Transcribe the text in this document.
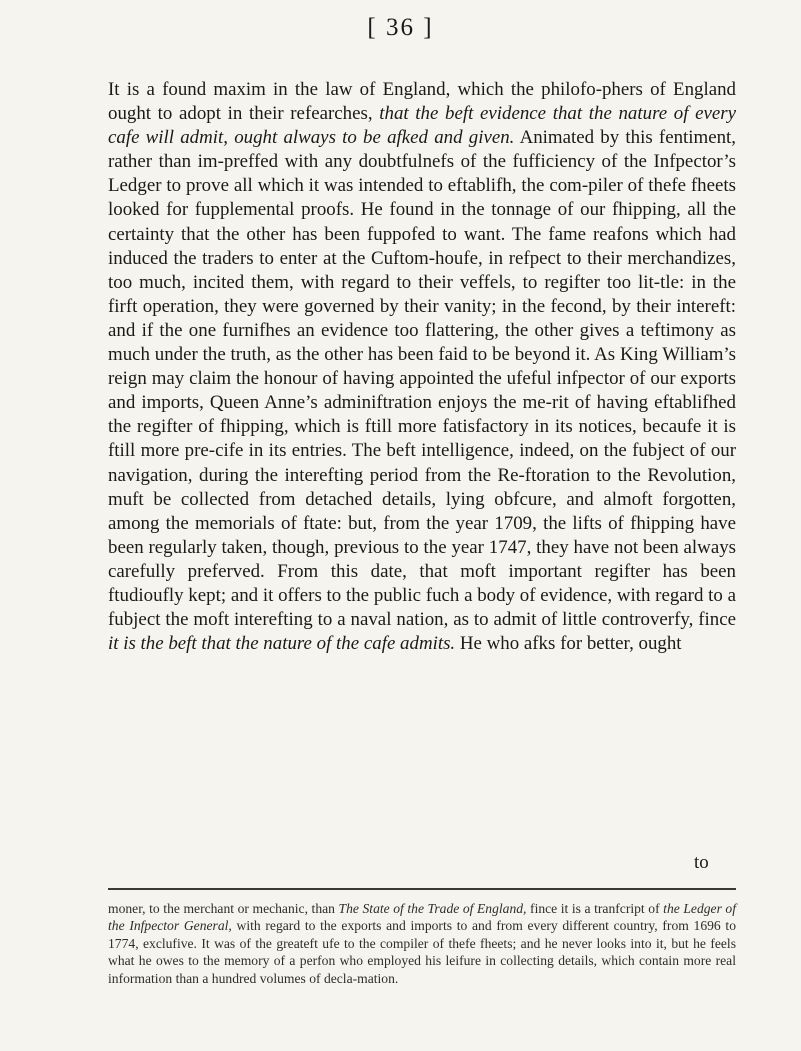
[ 36 ]

It is a found maxim in the law of England, which the philofo-phers of England ought to adopt in their refearches, that the beft evidence that the nature of every cafe will admit, ought always to be afked and given. Animated by this fentiment, rather than im-preffed with any doubtfulnefs of the fufficiency of the Infpector’s Ledger to prove all which it was intended to eftablifh, the com-piler of thefe fheets looked for fupplemental proofs. He found in the tonnage of our fhipping, all the certainty that the other has been fuppofed to want. The fame reafons which had induced the traders to enter at the Cuftom-houfe, in refpect to their merchandizes, too much, incited them, with regard to their veffels, to regifter too lit-tle: in the firft operation, they were governed by their vanity; in the fecond, by their intereft: and if the one furnifhes an evidence too flattering, the other gives a teftimony as much under the truth, as the other has been faid to be beyond it. As King William’s reign may claim the honour of having appointed the ufeful infpector of our exports and imports, Queen Anne’s adminiftration enjoys the me-rit of having eftablifhed the regifter of fhipping, which is ftill more fatisfactory in its notices, becaufe it is ftill more pre-cife in its entries. The beft intelligence, indeed, on the fubject of our navigation, during the interefting period from the Re-ftoration to the Revolution, muft be collected from detached details, lying obfcure, and almoft forgotten, among the memorials of ftate: but, from the year 1709, the lifts of fhipping have been regularly taken, though, previous to the year 1747, they have not been always carefully preferved. From this date, that moft important regifter has been ftudioufly kept; and it offers to the public fuch a body of evidence, with regard to a fubject the moft interefting to a naval nation, as to admit of little controverfy, fince it is the beft that the nature of the cafe admits. He who afks for better, ought

to

moner, to the merchant or mechanic, than The State of the Trade of England, fince it is a tranfcript of the Ledger of the Infpector General, with regard to the exports and imports to and from every different country, from 1696 to 1774, exclufive. It was of the greateft ufe to the compiler of thefe fheets; and he never looks into it, but he feels what he owes to the memory of a perfon who employed his leifure in collecting details, which contain more real information than a hundred volumes of decla-mation.
